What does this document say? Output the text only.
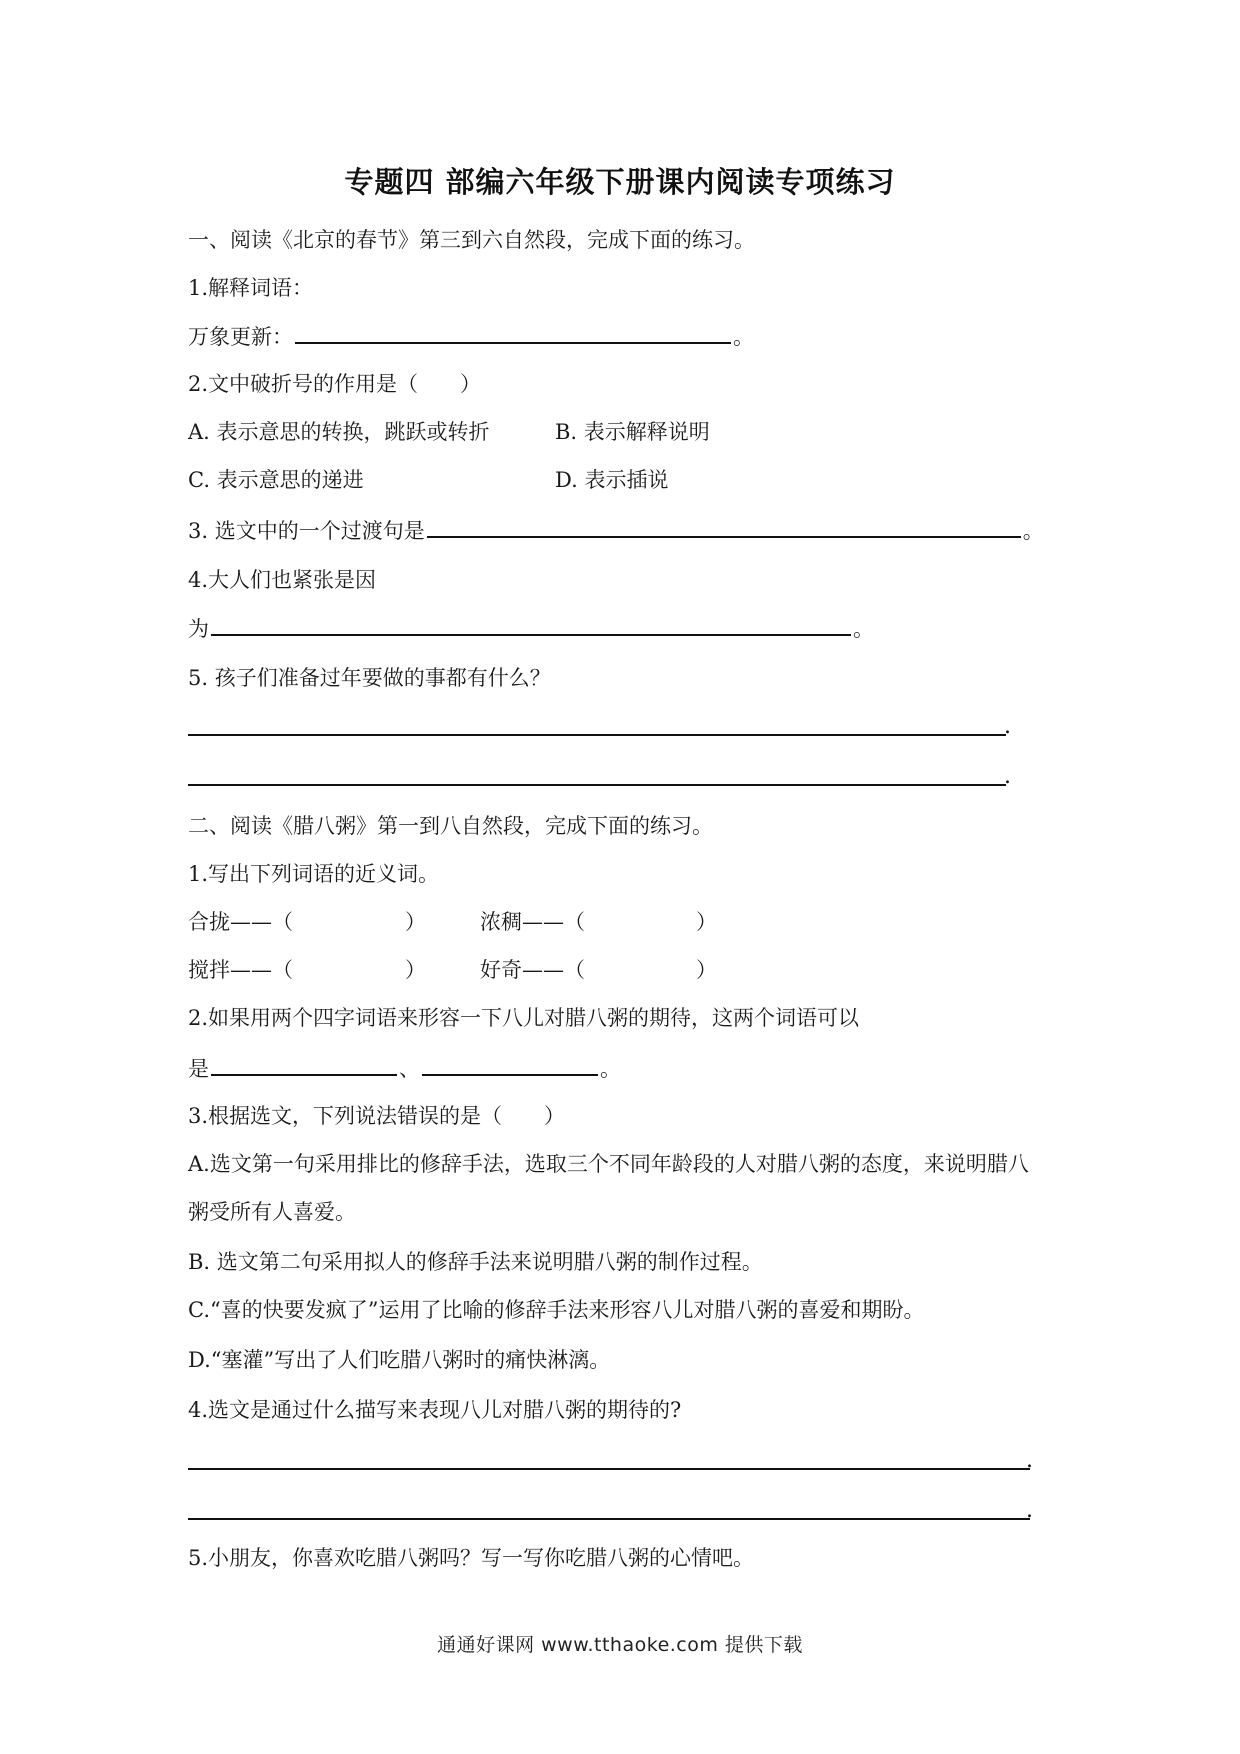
专题四 部编六年级下册课内阅读专项练习
一、阅读《北京的春节》第三到六自然段，完成下面的练习。
1.解释词语：
万象更新：	。
2.文中破折号的作用是（　　）
A. 表示意思的转换，跳跃或转折	B. 表示解释说明
C. 表示意思的递进	D. 表示插说
3. 选文中的一个过渡句是	。
4.大人们也紧张是因
为	。
5. 孩子们准备过年要做的事都有什么？
.
.
二、阅读《腊八粥》第一到八自然段，完成下面的练习。
1.写出下列词语的近义词。
合拢——（	）	浓稠——（	）
搅拌——（	）	好奇——（	）
2.如果用两个四字词语来形容一下八儿对腊八粥的期待，这两个词语可以
是	、	。
3.根据选文，下列说法错误的是（　　）
A.选文第一句采用排比的修辞手法，选取三个不同年龄段的人对腊八粥的态度，来说明腊八
粥受所有人喜爱。
B. 选文第二句采用拟人的修辞手法来说明腊八粥的制作过程。
C.“喜的快要发疯了”运用了比喻的修辞手法来形容八儿对腊八粥的喜爱和期盼。
D.“塞灌”写出了人们吃腊八粥时的痛快淋漓。
4.选文是通过什么描写来表现八儿对腊八粥的期待的?
.
.
5.小朋友，你喜欢吃腊八粥吗？写一写你吃腊八粥的心情吧。
通通好课网 www.tthaoke.com 提供下载
